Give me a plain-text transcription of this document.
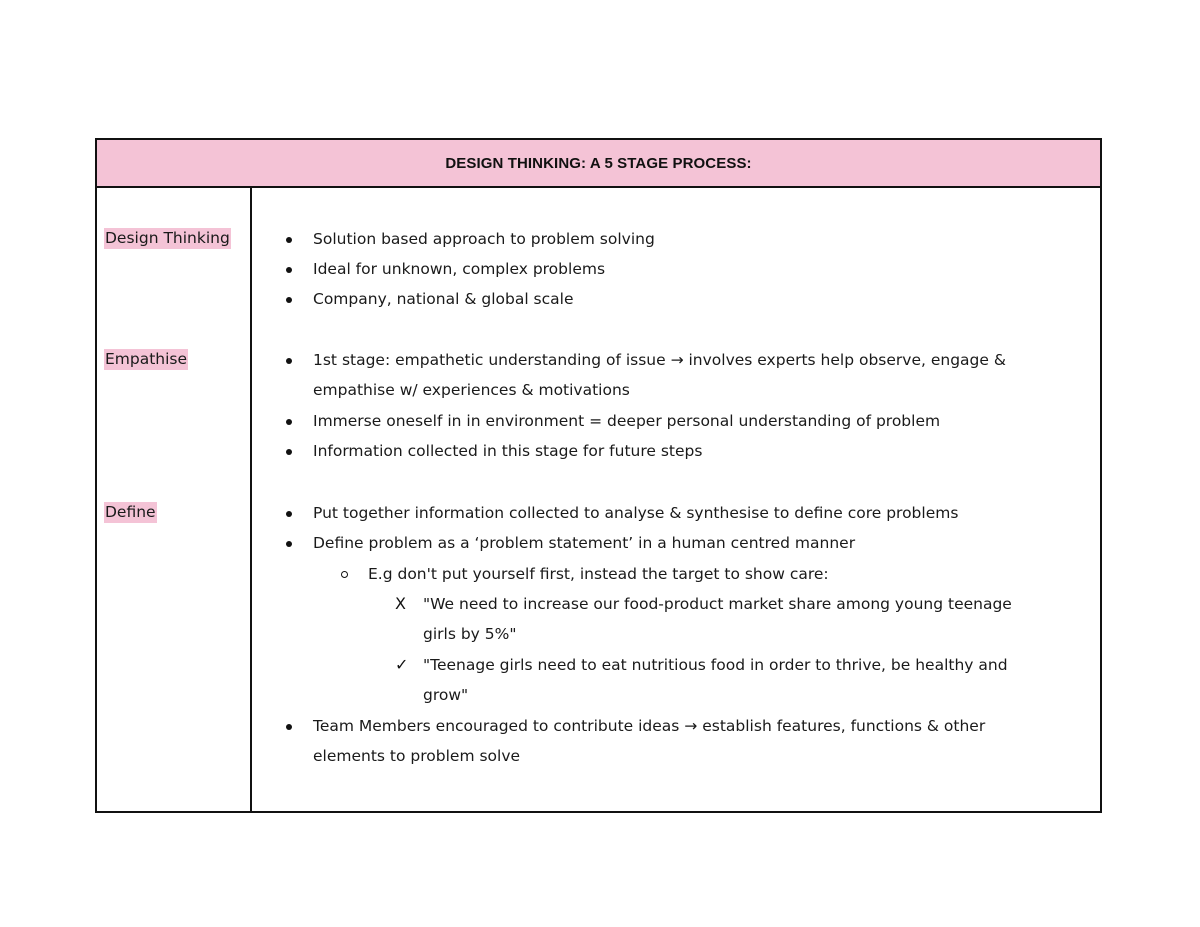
DESIGN THINKING: A 5 STAGE PROCESS:
Design Thinking	Solution based approach to problem solving
Ideal for unknown, complex problems
Company, national & global scale
Empathise	1st stage: empathetic understanding of issue → involves experts help observe, engage &
empathise w/ experiences & motivations
Immerse oneself in in environment = deeper personal understanding of problem
Information collected in this stage for future steps
Define	Put together information collected to analyse & synthesise to define core problems
Define problem as a ‘problem statement’ in a human centred manner
E.g don't put yourself first, instead the target to show care:
X "We need to increase our food-product market share among young teenage
girls by 5%"
✓ "Teenage girls need to eat nutritious food in order to thrive, be healthy and
grow"
Team Members encouraged to contribute ideas → establish features, functions & other
elements to problem solve
